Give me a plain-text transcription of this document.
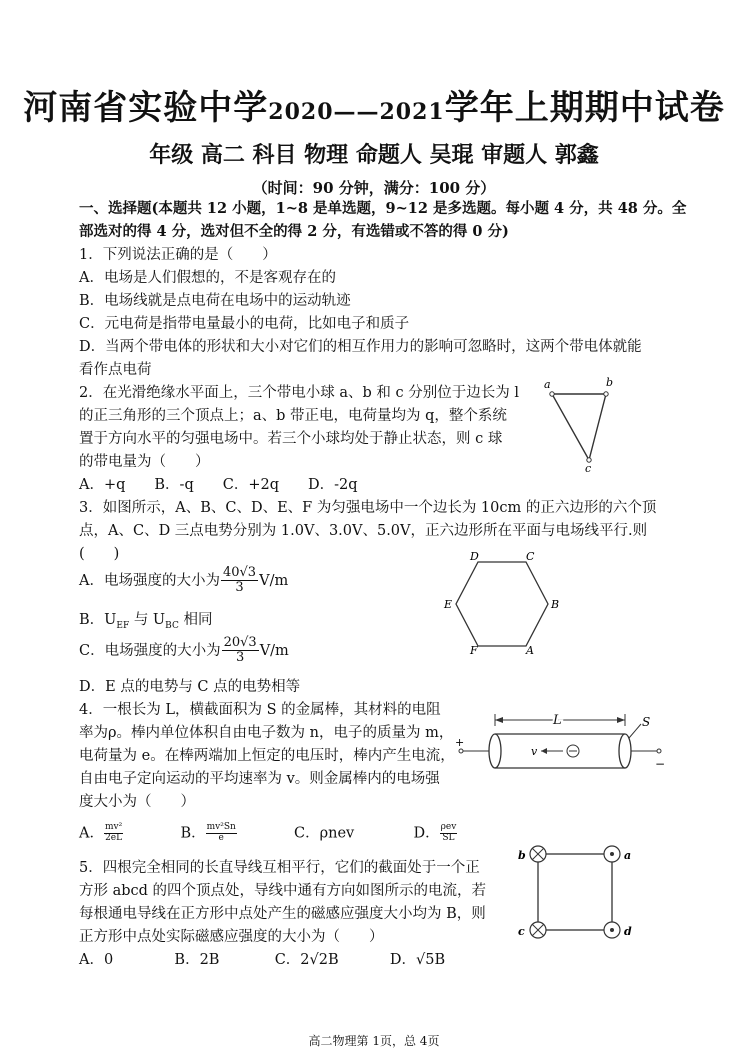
河南省实验中学2020——2021学年上期期中试卷
年级 高二 科目 物理 命题人 吴琨 审题人 郭鑫
（时间：90 分钟，满分：100 分）
一、选择题(本题共 12 小题，1~8 是单选题，9~12 是多选题。每小题 4 分，共 48 分。全
部选对的得 4 分，选对但不全的得 2 分，有选错或不答的得 0 分)
1．下列说法正确的是（　　）
A．电场是人们假想的，不是客观存在的
B．电场线就是点电荷在电场中的运动轨迹
C．元电荷是指带电量最小的电荷，比如电子和质子
D．当两个带电体的形状和大小对它们的相互作用力的影响可忽略时，这两个带电体就能
看作点电荷
2．在光滑绝缘水平面上，三个带电小球 a、b 和 c 分别位于边长为 l
的正三角形的三个顶点上；a、b 带正电，电荷量均为 q，整个系统
置于方向水平的匀强电场中。若三个小球均处于静止状态，则 c 球
的带电量为（　　）
A．+q　　B．-q　　C．+2q　　D．-2q
a	b
c
3．如图所示，A、B、C、D、E、F 为匀强电场中一个边长为 10cm 的正六边形的六个顶
点，A、C、D 三点电势分别为 1.0V、3.0V、5.0V，正六边形所在平面与电场线平行.则
(　　)
A．电场强度的大小为 $\frac{40√3}{3} V/m$
B．$U_{EF}$ 与 $U_{BC}$ 相同
C．电场强度的大小为 $\frac{20√3}{3} V/m$
D．E 点的电势与 C 点的电势相等
D	C
E	B
F	A
4．一根长为 L，横截面积为 S 的金属棒，其材料的电阻
率为ρ。棒内单位体积自由电子数为 n，电子的质量为 m，
电荷量为 e。在棒两端加上恒定的电压时，棒内产生电流，
自由电子定向运动的平均速率为 v。则金属棒内的电场强
度大小为（　　）
A． $\frac{\text{mv²}}{2eL}$	B． $\frac{\text{mv²Sn}}{e}$	C．ρnev	D． $\frac{\text{ρev}}{SL}$
L	S
+
−
v
5．四根完全相同的长直导线互相平行，它们的截面处于一个正
方形 abcd 的四个顶点处，导线中通有方向如图所示的电流，若
每根通电导线在正方形中点处产生的磁感应强度大小均为 B，则
正方形中点处实际磁感应强度的大小为（　　）
A．0	B．2B	C．2√2B	D．√5B
b	a
c	d
高二物理第 1页，总 4页
